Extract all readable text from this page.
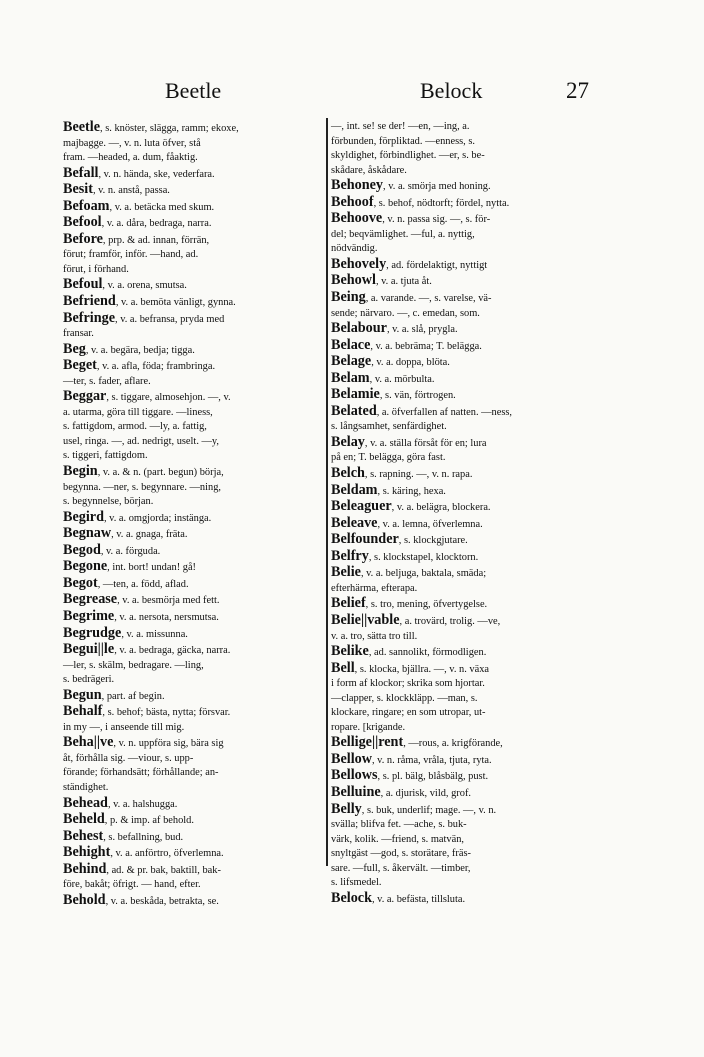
Beetle	Belock	27

Beetle, s. knöster, slägga, ramm; ekoxe,
majbagge. —, v. n. luta öfver, stå
fram. —headed, a. dum, fåaktig.

Befall, v. n. hända, ske, vederfara.

Besit, v. n. anstå, passa.

Befoam, v. a. betäcka med skum.

Befool, v. a. dåra, bedraga, narra.

Before, prp. & ad. innan, förrän,
förut; framför, inför. —hand, ad.
förut, i förhand.

Befoul, v. a. orena, smutsa.

Befriend, v. a. bemöta vänligt, gynna.

Befringe, v. a. befransa, pryda med
fransar.

Beg, v. a. begära, bedja; tigga.

Beget, v. a. afla, föda; frambringa.
—ter, s. fader, aflare.

Beggar, s. tiggare, almosehjon. —, v.
a. utarma, göra till tiggare. —liness,
s. fattigdom, armod. —ly, a. fattig,
usel, ringa. —, ad. nedrigt, uselt. —y,
s. tiggeri, fattigdom.

Begin, v. a. & n. (part. begun) börja,
begynna. —ner, s. begynnare. —ning,
s. begynnelse, början.

Begird, v. a. omgjorda; instänga.

Begnaw, v. a. gnaga, fräta.

Begod, v. a. förguda.

Begone, int. bort! undan! gå!

Begot, —ten, a. född, aflad.

Begrease, v. a. besmörja med fett.

Begrime, v. a. nersota, nersmutsa.

Begrudge, v. a. missunna.

Begui||le, v. a. bedraga, gäcka, narra.
—ler, s. skälm, bedragare. —ling,
s. bedrägeri.

Begun, part. af begin.

Behalf, s. behof; bästa, nytta; försvar.
in my —, i anseende till mig.

Beha||ve, v. n. uppföra sig, bära sig
åt, förhålla sig. —viour, s. upp-
förande; förhandsätt; förhållande; an-
ständighet.

Behead, v. a. halshugga.

Beheld, p. & imp. af behold.

Behest, s. befallning, bud.

Behight, v. a. anförtro, öfverlemna.

Behind, ad. & pr. bak, baktill, bak-
före, bakåt; öfrigt. — hand, efter.

Behold, v. a. beskåda, betrakta, se.

—, int. se! se der! —en, —ing, a.
förbunden, förpliktad. —enness, s.
skyldighet, förbindlighet. —er, s. be-
skådare, åskådare.

Behoney, v. a. smörja med honing.

Behoof, s. behof, nödtorft; fördel, nytta.

Behoove, v. n. passa sig. —, s. för-
del; beqvämlighet. —ful, a. nyttig,
nödvändig.

Behovely, ad. fördelaktigt, nyttigt

Behowl, v. a. tjuta åt.

Being, a. varande. —, s. varelse, vä-
sende; närvaro. —, c. emedan, som.

Belabour, v. a. slå, prygla.

Belace, v. a. bebräma; T. belägga.

Belage, v. a. doppa, blöta.

Belam, v. a. mörbulta.

Belamie, s. vän, förtrogen.

Belated, a. öfverfallen af natten. —ness,
s. långsamhet, senfärdighet.

Belay, v. a. ställa försåt för en; lura
på en; T. belägga, göra fast.

Belch, s. rapning. —, v. n. rapa.

Beldam, s. käring, hexa.

Beleaguer, v. a. belägra, blockera.

Beleave, v. a. lemna, öfverlemna.

Belfounder, s. klockgjutare.

Belfry, s. klockstapel, klocktorn.

Belie, v. a. beljuga, baktala, smäda;
efterhärma, efterapa.

Belief, s. tro, mening, öfvertygelse.

Belie||vable, a. trovärd, trolig. —ve,
v. a. tro, sätta tro till.

Belike, ad. sannolikt, förmodligen.

Bell, s. klocka, bjällra. —, v. n. växa
i form af klockor; skrika som hjortar.
—clapper, s. klockkläpp. —man, s.
klockare, ringare; en som utropar, ut-
ropare. [krigande.

Bellige||rent, —rous, a. krigförande,

Bellow, v. n. råma, vråla, tjuta, ryta.

Bellows, s. pl. bälg, blåsbälg, pust.

Belluine, a. djurisk, vild, grof.

Belly, s. buk, underlif; mage. —, v. n.
svälla; blifva fet. —ache, s. buk-
värk, kolik. —friend, s. matvän,
snyltgäst —god, s. storätare, fräs-
sare. —full, s. åkervält. —timber,
s. lifsmedel.

Belock, v. a. befästa, tillsluta.
